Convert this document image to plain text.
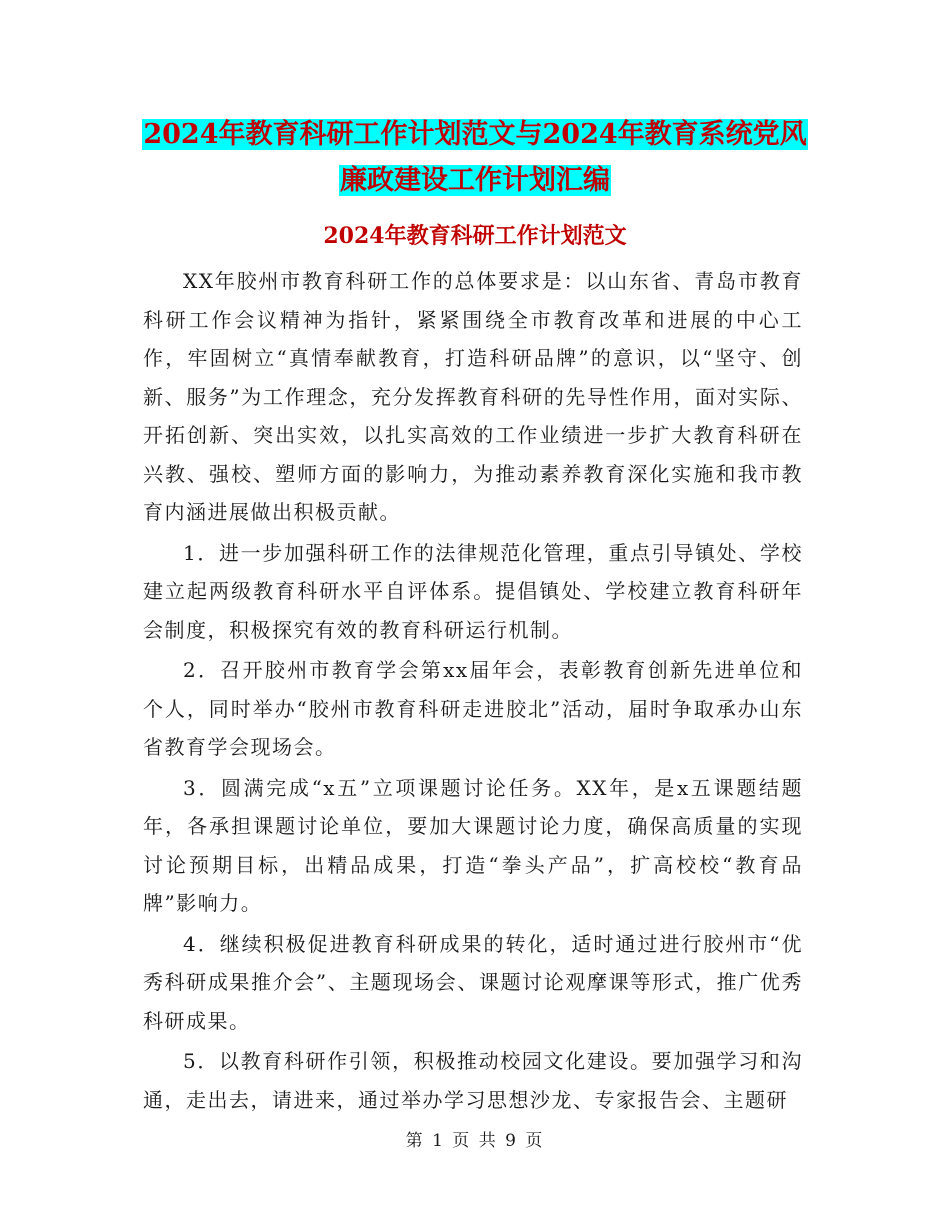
2024年教育科研工作计划范文与2024年教育系统党风
廉政建设工作计划汇编
2024年教育科研工作计划范文

XX年胶州市教育科研工作的总体要求是：以山东省、青岛市教育科研工作会议精神为指针，紧紧围绕全市教育改革和进展的中心工作，牢固树立“真情奉献教育，打造科研品牌”的意识，以“坚守、创新、服务”为工作理念，充分发挥教育科研的先导性作用，面对实际、开拓创新、突出实效，以扎实高效的工作业绩进一步扩大教育科研在兴教、强校、塑师方面的影响力，为推动素养教育深化实施和我市教育内涵进展做出积极贡献。

1．进一步加强科研工作的法律规范化管理，重点引导镇处、学校建立起两级教育科研水平自评体系。提倡镇处、学校建立教育科研年会制度，积极探究有效的教育科研运行机制。

2．召开胶州市教育学会第xx届年会，表彰教育创新先进单位和个人，同时举办“胶州市教育科研走进胶北”活动，届时争取承办山东省教育学会现场会。

3．圆满完成“x五”立项课题讨论任务。XX年，是x五课题结题年，各承担课题讨论单位，要加大课题讨论力度，确保高质量的实现讨论预期目标，出精品成果，打造“拳头产品”，扩高校校“教育品牌”影响力。

4．继续积极促进教育科研成果的转化，适时通过进行胶州市“优秀科研成果推介会”、主题现场会、课题讨论观摩课等形式，推广优秀科研成果。

5．以教育科研作引领，积极推动校园文化建设。要加强学习和沟通，走出去，请进来，通过举办学习思想沙龙、专家报告会、主题研

第 1 页 共 9 页
